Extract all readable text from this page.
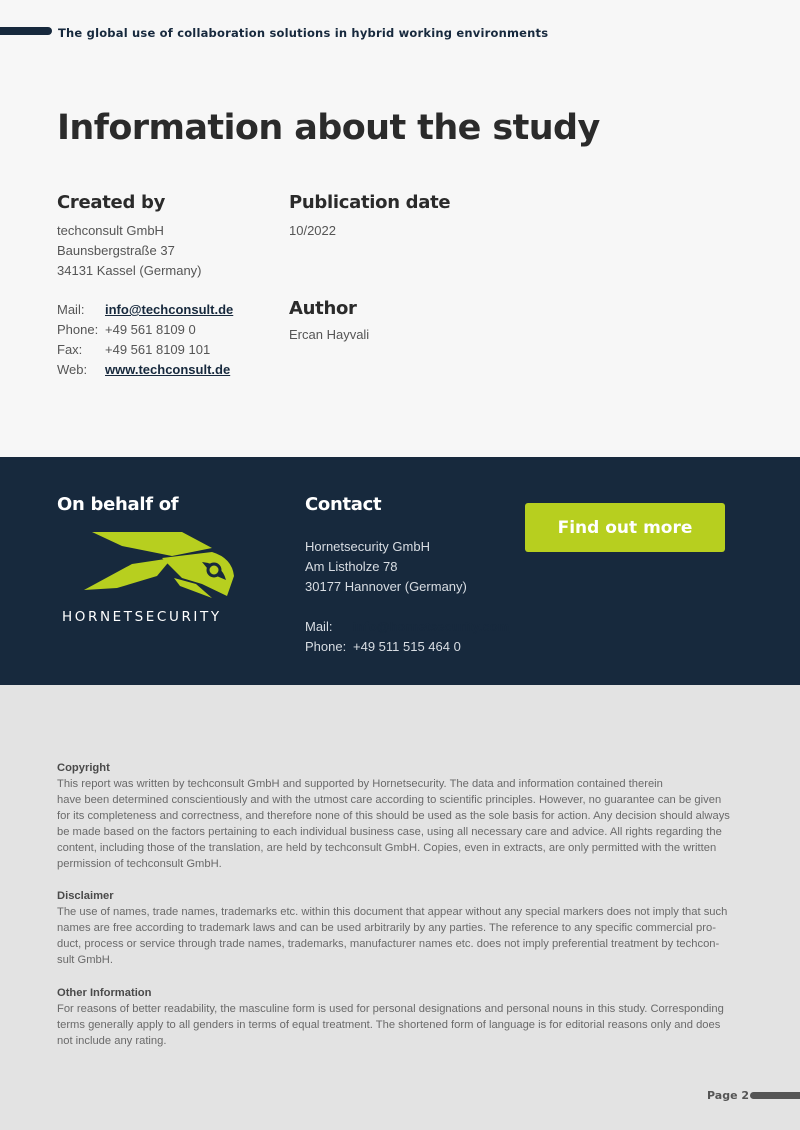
The global use of collaboration solutions in hybrid working environments
Information about the study
Created by
techconsult GmbH
Baunsbergstraße 37
34131 Kassel (Germany)
Mail:	info@techconsult.de
Phone: +49 561 8109 0
Fax:	+49 561 8109 101
Web:	www.techconsult.de
Publication date
10/2022
Author
Ercan Hayvali
On behalf of
HORNETSECURITY
Contact
Hornetsecurity GmbH
Am Listholze 78
30177 Hannover (Germany)
Mail:	info@hornetsecurity.com
Phone: +49 511 515 464 0
Find out more
Copyright
This report was written by techconsult GmbH and supported by Hornetsecurity. The data and information contained therein
have been determined conscientiously and with the utmost care according to scientific principles. However, no guarantee can be given
for its completeness and correctness, and therefore none of this should be used as the sole basis for action. Any decision should always
be made based on the factors pertaining to each individual business case, using all necessary care and advice. All rights regarding the
content, including those of the translation, are held by techconsult GmbH. Copies, even in extracts, are only permitted with the written
permission of techconsult GmbH.
Disclaimer
The use of names, trade names, trademarks etc. within this document that appear without any special markers does not imply that such
names are free according to trademark laws and can be used arbitrarily by any parties. The reference to any specific commercial pro-
duct, process or service through trade names, trademarks, manufacturer names etc. does not imply preferential treatment by techcon-
sult GmbH.
Other Information
For reasons of better readability, the masculine form is used for personal designations and personal nouns in this study. Corresponding
terms generally apply to all genders in terms of equal treatment. The shortened form of language is for editorial reasons only and does
not include any rating.
Page 2
